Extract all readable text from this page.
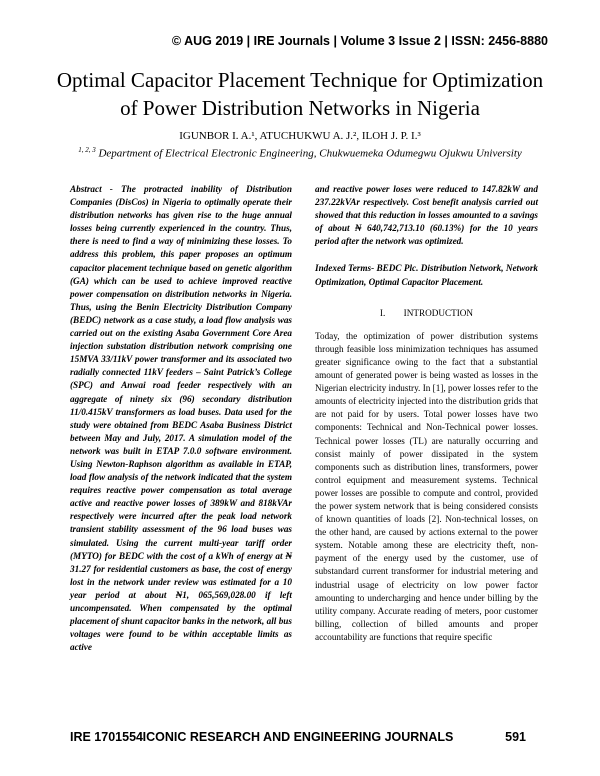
© AUG 2019 | IRE Journals | Volume 3 Issue 2 | ISSN: 2456-8880
Optimal Capacitor Placement Technique for Optimization
of Power Distribution Networks in Nigeria
IGUNBOR I. A.¹, ATUCHUKWU A. J.², ILOH J. P. I.³
$^{1, 2, 3}$ Department of Electrical Electronic Engineering, Chukwuemeka Odumegwu Ojukwu University

Abstract - The protracted inability of Distribution Companies (DisCos) in Nigeria to optimally operate their distribution networks has given rise to the huge annual losses being currently experienced in the country. Thus, there is need to find a way of minimizing these losses. To address this problem, this paper proposes an optimum capacitor placement technique based on genetic algorithm (GA) which can be used to achieve improved reactive power compensation on distribution networks in Nigeria. Thus, using the Benin Electricity Distribution Company (BEDC) network as a case study, a load flow analysis was carried out on the existing Asaba Government Core Area injection substation distribution network comprising one 15MVA 33/11kV power transformer and its associated two radially connected 11kV feeders – Saint Patrick’s College (SPC) and Anwai road feeder respectively with an aggregate of ninety six (96) secondary distribution 11/0.415kV transformers as load buses. Data used for the study were obtained from BEDC Asaba Business District between May and July, 2017. A simulation model of the network was built in ETAP 7.0.0 software environment. Using Newton-Raphson algorithm as available in ETAP, load flow analysis of the network indicated that the system requires reactive power compensation as total average active and reactive power losses of 389kW and 818kVAr respectively were incurred after the peak load network transient stability assessment of the 96 load buses was simulated. Using the current multi-year tariff order (MYTO) for BEDC with the cost of a kWh of energy at ₦ 31.27 for residential customers as base, the cost of energy lost in the network under review was estimated for a 10 year period at about ₦1, 065,569,028.00 if left uncompensated. When compensated by the optimal placement of shunt capacitor banks in the network, all bus voltages were found to be within acceptable limits as active

and reactive power loses were reduced to 147.82kW and 237.22kVAr respectively. Cost benefit analysis carried out showed that this reduction in losses amounted to a savings of about ₦ 640,742,713.10 (60.13%) for the 10 years period after the network was optimized.

Indexed Terms- BEDC Plc. Distribution Network, Network Optimization, Optimal Capacitor Placement.

I. INTRODUCTION

Today, the optimization of power distribution systems through feasible loss minimization techniques has assumed greater significance owing to the fact that a substantial amount of generated power is being wasted as losses in the Nigerian electricity industry. In [1], power losses refer to the amounts of electricity injected into the distribution grids that are not paid for by users. Total power losses have two components: Technical and Non-Technical power losses. Technical power losses (TL) are naturally occurring and consist mainly of power dissipated in the system components such as distribution lines, transformers, power control equipment and measurement systems. Technical power losses are possible to compute and control, provided the power system network that is being considered consists of known quantities of loads [2]. Non-technical losses, on the other hand, are caused by actions external to the power system. Notable among these are electricity theft, non-payment of the energy used by the customer, use of substandard current transformer for industrial metering and industrial usage of electricity on low power factor amounting to undercharging and hence under billing by the utility company. Accurate reading of meters, poor customer billing, collection of billed amounts and proper accountability are functions that require specific

IRE 1701554 ICONIC RESEARCH AND ENGINEERING JOURNALS	591
